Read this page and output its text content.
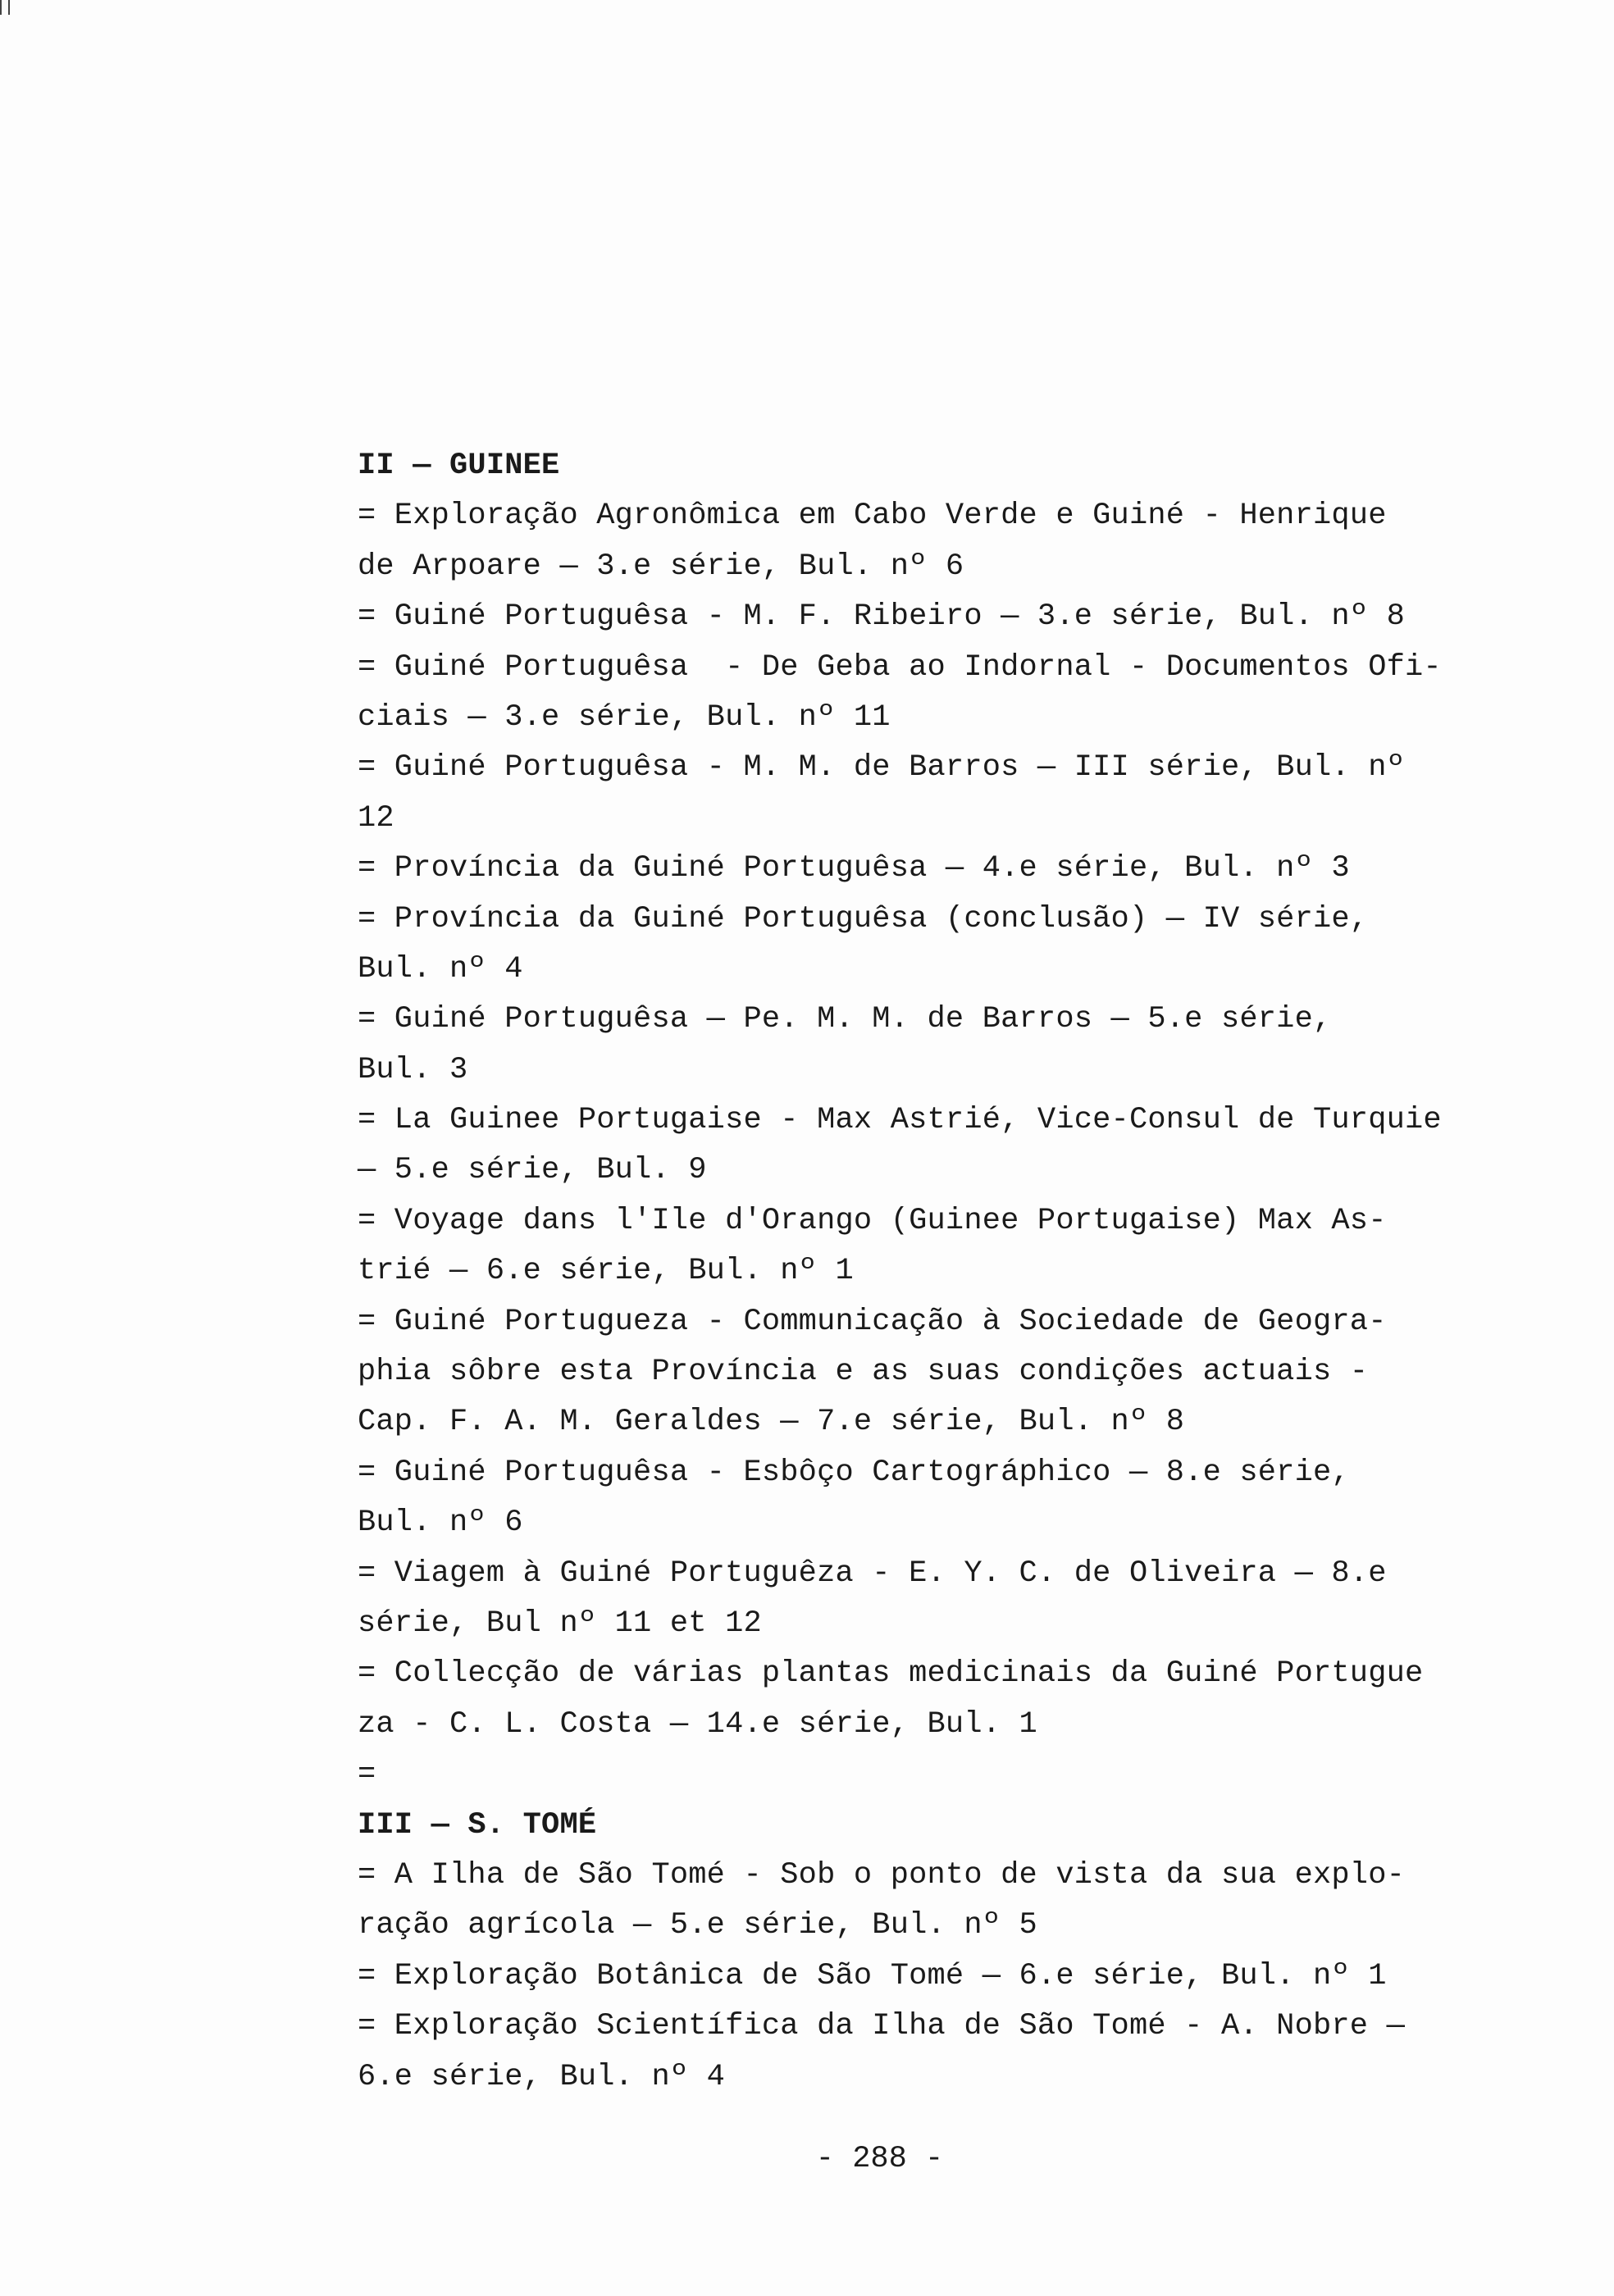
II — GUINEE
= Exploração Agronômica em Cabo Verde e Guiné - Henrique
de Arpoare — 3.e série, Bul. nº 6
= Guiné Portuguêsa - M. F. Ribeiro — 3.e série, Bul. nº 8
= Guiné Portuguêsa  - De Geba ao Indornal - Documentos Ofi-
ciais — 3.e série, Bul. nº 11
= Guiné Portuguêsa - M. M. de Barros — III série, Bul. nº
12
= Província da Guiné Portuguêsa — 4.e série, Bul. nº 3
= Província da Guiné Portuguêsa (conclusão) — IV série,
Bul. nº 4
= Guiné Portuguêsa — Pe. M. M. de Barros — 5.e série,
Bul. 3
= La Guinee Portugaise - Max Astrié, Vice-Consul de Turquie
— 5.e série, Bul. 9
= Voyage dans l'Ile d'Orango (Guinee Portugaise) Max As-
trié — 6.e série, Bul. nº 1
= Guiné Portugueza - Communicação à Sociedade de Geogra-
phia sôbre esta Província e as suas condições actuais -
Cap. F. A. M. Geraldes — 7.e série, Bul. nº 8
= Guiné Portuguêsa - Esbôço Cartográphico — 8.e série,
Bul. nº 6
= Viagem à Guiné Portuguêza - E. Y. C. de Oliveira — 8.e
série, Bul nº 11 et 12
= Collecção de várias plantas medicinais da Guiné Portugue
za - C. L. Costa — 14.e série, Bul. 1
=
III — S. TOMÉ
= A Ilha de São Tomé - Sob o ponto de vista da sua explo-
ração agrícola — 5.e série, Bul. nº 5
= Exploração Botânica de São Tomé — 6.e série, Bul. nº 1
= Exploração Scientífica da Ilha de São Tomé - A. Nobre —
6.e série, Bul. nº 4
- 288 -
